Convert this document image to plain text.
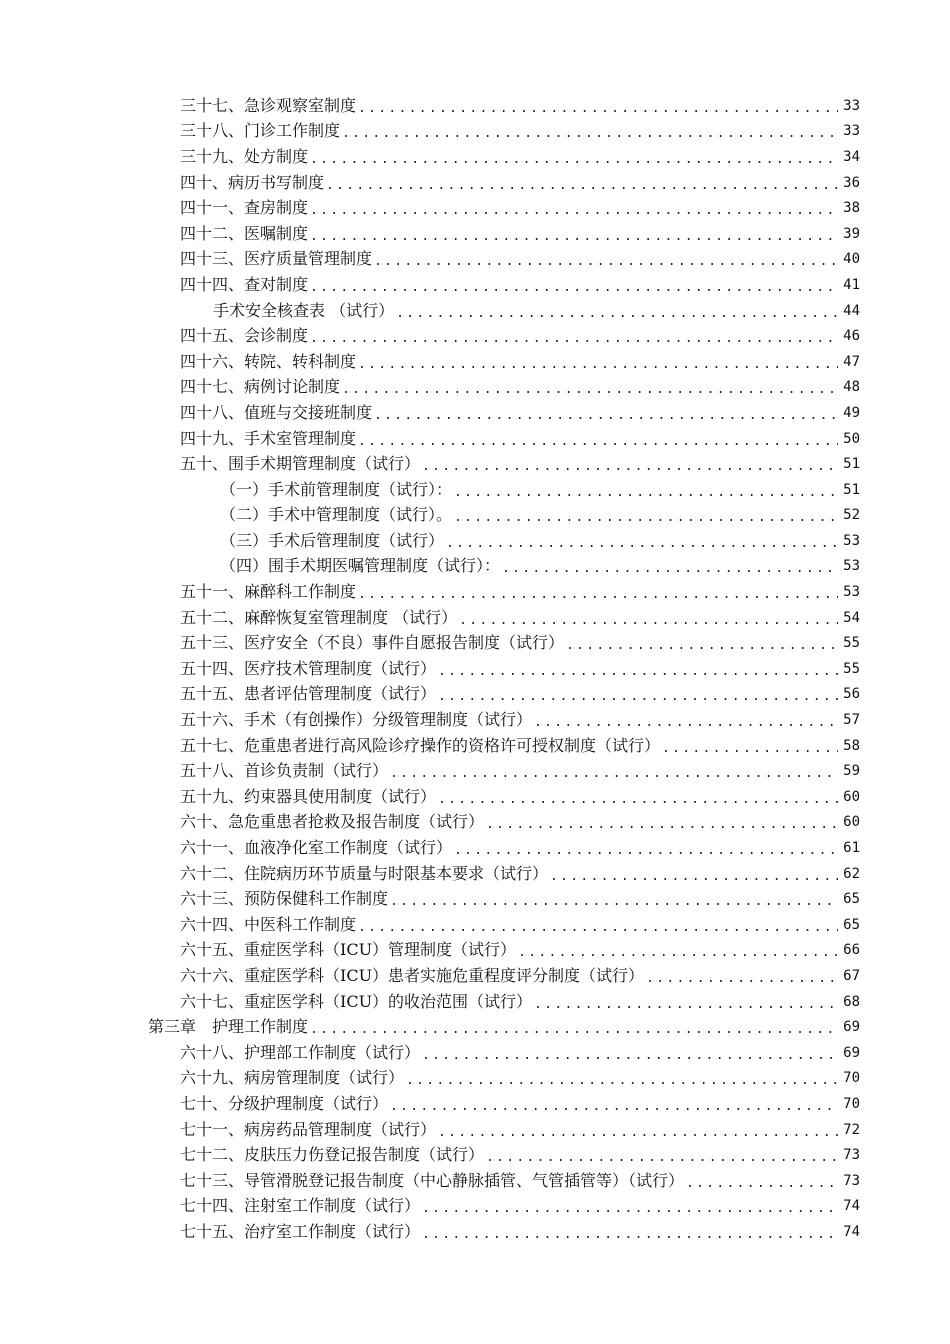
三十七、急诊观察室制度 .....	33
三十八、门诊工作制度 .....	33
三十九、处方制度 .....	34
四十、病历书写制度 .....	36
四十一、查房制度 .....	38
四十二、医嘱制度 .....	39
四十三、医疗质量管理制度 .....	40
四十四、查对制度 .....	41
手术安全核查表 （试行） .....	44
四十五、会诊制度 .....	46
四十六、转院、转科制度 .....	47
四十七、病例讨论制度 .....	48
四十八、值班与交接班制度 .....	49
四十九、手术室管理制度 .....	50
五十、围手术期管理制度（试行） .....	51
（一）手术前管理制度（试行）： .....	51
（二）手术中管理制度（试行）。 .....	52
（三）手术后管理制度（试行） .....	53
（四）围手术期医嘱管理制度（试行）： .....	53
五十一、麻醉科工作制度 .....	53
五十二、麻醉恢复室管理制度 （试行） .....	54
五十三、医疗安全（不良）事件自愿报告制度（试行） .....	55
五十四、医疗技术管理制度（试行） .....	55
五十五、患者评估管理制度（试行） .....	56
五十六、手术（有创操作）分级管理制度（试行） .....	57
五十七、危重患者进行高风险诊疗操作的资格许可授权制度（试行） .....	58
五十八、首诊负责制（试行） .....	59
五十九、约束器具使用制度（试行） .....	60
六十、急危重患者抢救及报告制度（试行） .....	60
六十一、血液净化室工作制度（试行） .....	61
六十二、住院病历环节质量与时限基本要求（试行） .....	62
六十三、预防保健科工作制度 .....	65
六十四、中医科工作制度 .....	65
六十五、重症医学科（ICU）管理制度（试行） .....	66
六十六、重症医学科（ICU）患者实施危重程度评分制度（试行） .....	67
六十七、重症医学科（ICU）的收治范围（试行） .....	68
第三章　护理工作制度 .....	69
六十八、护理部工作制度（试行） .....	69
六十九、病房管理制度（试行） .....	70
七十、分级护理制度（试行） .....	70
七十一、病房药品管理制度（试行） .....	72
七十二、皮肤压力伤登记报告制度（试行） .....	73
七十三、导管滑脱登记报告制度（中心静脉插管、气管插管等）（试行） .....	73
七十四、注射室工作制度（试行） .....	74
七十五、治疗室工作制度（试行） .....	74
